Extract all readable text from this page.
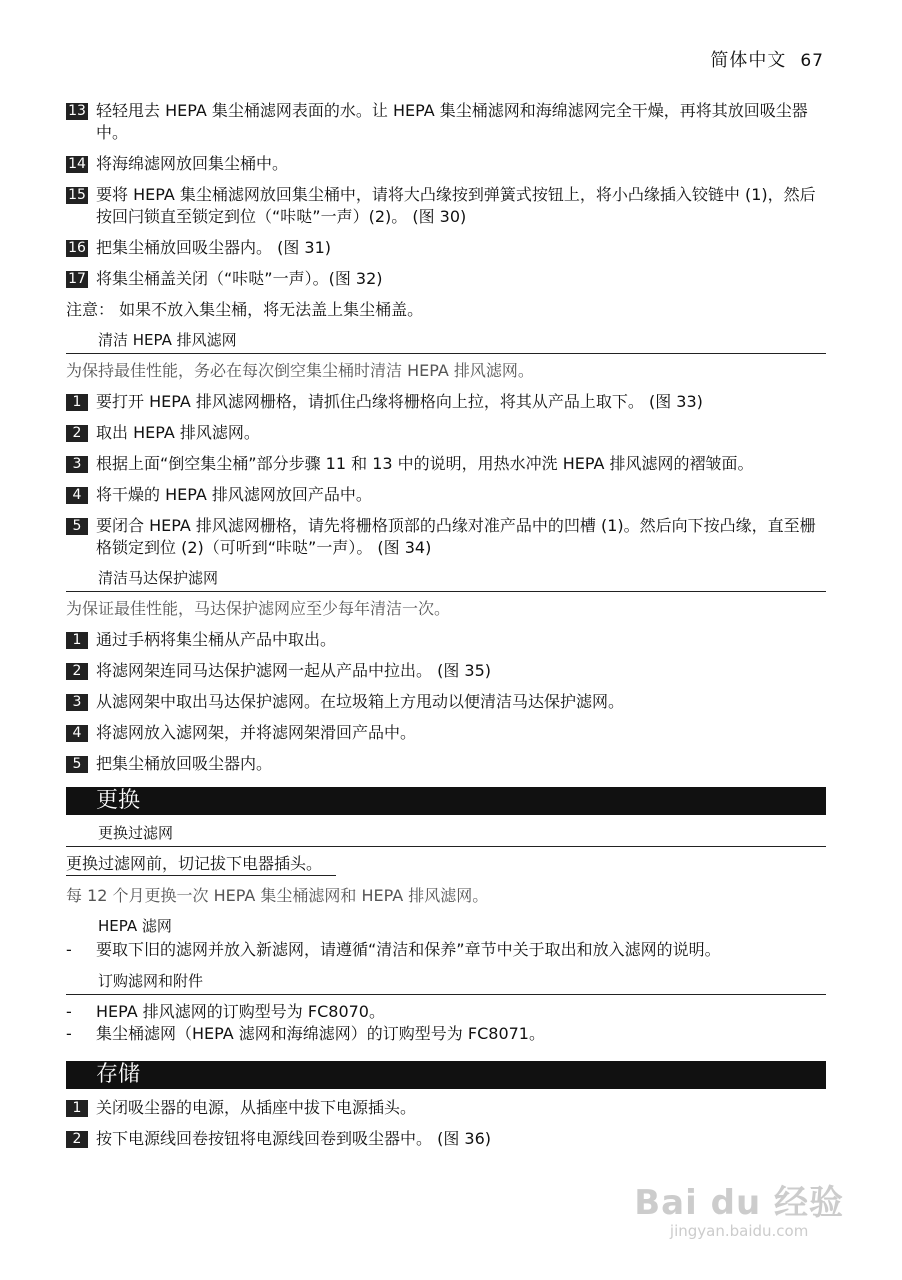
简体中文 67
13 轻轻甩去 HEPA 集尘桶滤网表面的水。让 HEPA 集尘桶滤网和海绵滤网完全干燥，再将其放回吸尘器中。
14 将海绵滤网放回集尘桶中。
15 要将 HEPA 集尘桶滤网放回集尘桶中，请将大凸缘按到弹簧式按钮上，将小凸缘插入铰链中 (1)，然后按回闩锁直至锁定到位（“咔哒”一声）(2)。 (图 30)
16 把集尘桶放回吸尘器内。 (图 31)
17 将集尘桶盖关闭（“咔哒”一声）。(图 32)
注意： 如果不放入集尘桶，将无法盖上集尘桶盖。
清洁 HEPA 排风滤网
为保持最佳性能，务必在每次倒空集尘桶时清洁 HEPA 排风滤网。
1 要打开 HEPA 排风滤网栅格，请抓住凸缘将栅格向上拉，将其从产品上取下。 (图 33)
2 取出 HEPA 排风滤网。
3 根据上面“倒空集尘桶”部分步骤 11 和 13 中的说明，用热水冲洗 HEPA 排风滤网的褶皱面。
4 将干燥的 HEPA 排风滤网放回产品中。
5 要闭合 HEPA 排风滤网栅格，请先将栅格顶部的凸缘对准产品中的凹槽 (1)。然后向下按凸缘，直至栅格锁定到位 (2)（可听到“咔哒”一声）。 (图 34)
清洁马达保护滤网
为保证最佳性能，马达保护滤网应至少每年清洁一次。
1 通过手柄将集尘桶从产品中取出。
2 将滤网架连同马达保护滤网一起从产品中拉出。 (图 35)
3 从滤网架中取出马达保护滤网。在垃圾箱上方甩动以便清洁马达保护滤网。
4 将滤网放入滤网架，并将滤网架滑回产品中。
5 把集尘桶放回吸尘器内。
更换
更换过滤网
更换过滤网前，切记拔下电器插头。
每 12 个月更换一次 HEPA 集尘桶滤网和 HEPA 排风滤网。
HEPA 滤网
- 要取下旧的滤网并放入新滤网，请遵循“清洁和保养”章节中关于取出和放入滤网的说明。
订购滤网和附件
- HEPA 排风滤网的订购型号为 FC8070。
- 集尘桶滤网（HEPA 滤网和海绵滤网）的订购型号为 FC8071。
存储
1 关闭吸尘器的电源，从插座中拔下电源插头。
2 按下电源线回卷按钮将电源线回卷到吸尘器中。 (图 36)
Bai du 经验
jingyan.baidu.com
